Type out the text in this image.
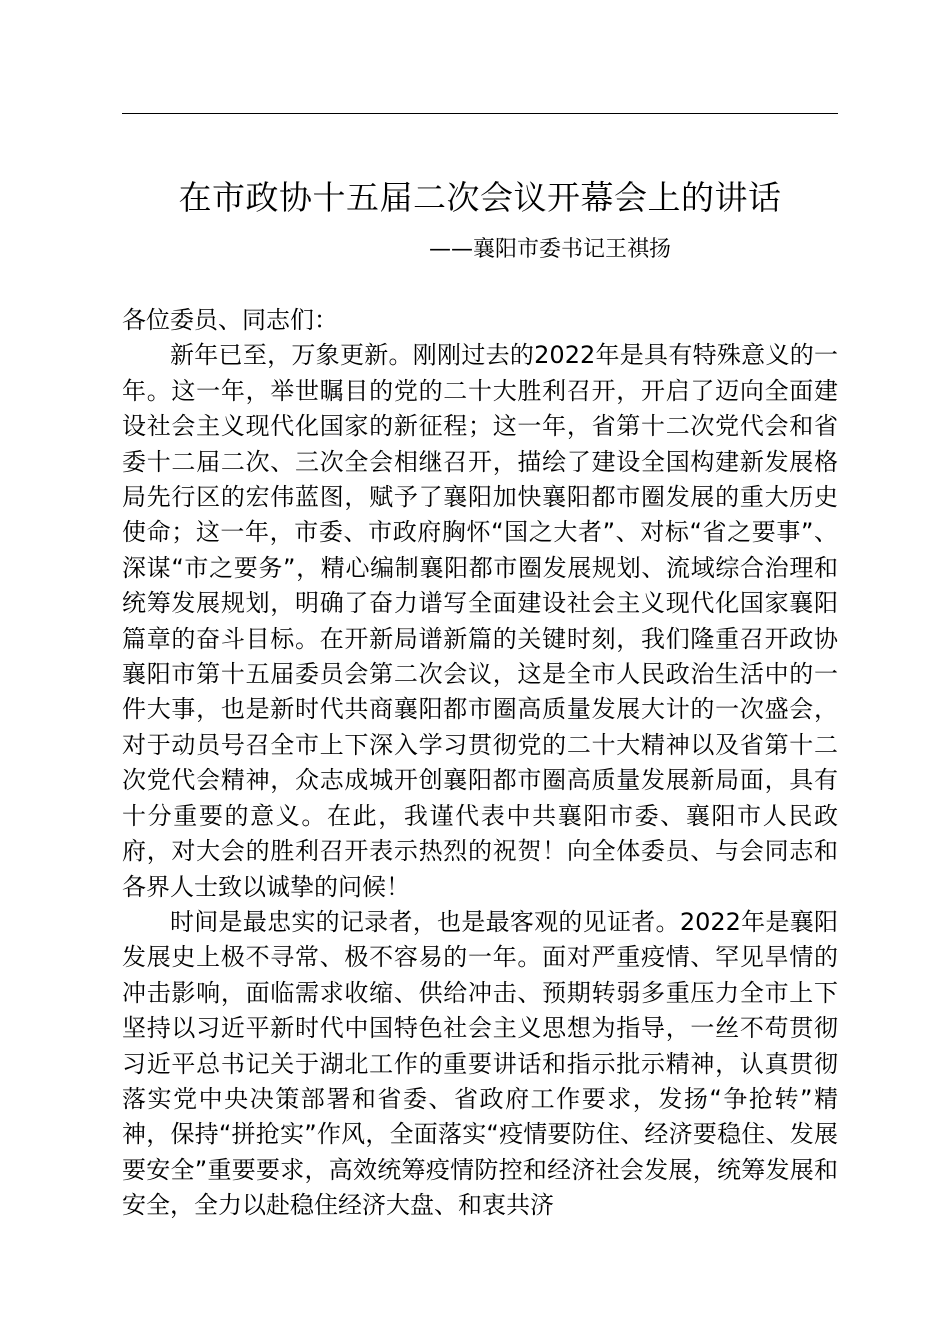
在市政协十五届二次会议开幕会上的讲话
——襄阳市委书记王祺扬

各位委员、同志们：

新年已至，万象更新。刚刚过去的2022年是具有特殊意义的一年。这一年，举世瞩目的党的二十大胜利召开，开启了迈向全面建设社会主义现代化国家的新征程；这一年，省第十二次党代会和省委十二届二次、三次全会相继召开，描绘了建设全国构建新发展格局先行区的宏伟蓝图，赋予了襄阳加快襄阳都市圈发展的重大历史使命；这一年，市委、市政府胸怀“国之大者”、对标“省之要事”、深谋“市之要务”，精心编制襄阳都市圈发展规划、流域综合治理和统筹发展规划，明确了奋力谱写全面建设社会主义现代化国家襄阳篇章的奋斗目标。在开新局谱新篇的关键时刻，我们隆重召开政协襄阳市第十五届委员会第二次会议，这是全市人民政治生活中的一件大事，也是新时代共商襄阳都市圈高质量发展大计的一次盛会，对于动员号召全市上下深入学习贯彻党的二十大精神以及省第十二次党代会精神，众志成城开创襄阳都市圈高质量发展新局面，具有十分重要的意义。在此，我谨代表中共襄阳市委、襄阳市人民政府，对大会的胜利召开表示热烈的祝贺！向全体委员、与会同志和各界人士致以诚挚的问候！

时间是最忠实的记录者，也是最客观的见证者。2022年是襄阳发展史上极不寻常、极不容易的一年。面对严重疫情、罕见旱情的冲击影响，面临需求收缩、供给冲击、预期转弱多重压力全市上下坚持以习近平新时代中国特色社会主义思想为指导，一丝不苟贯彻习近平总书记关于湖北工作的重要讲话和指示批示精神，认真贯彻落实党中央决策部署和省委、省政府工作要求，发扬“争抢转”精神，保持“拼抢实”作风，全面落实“疫情要防住、经济要稳住、发展要安全”重要要求，高效统筹疫情防控和经济社会发展，统筹发展和安全，全力以赴稳住经济大盘、和衷共济
